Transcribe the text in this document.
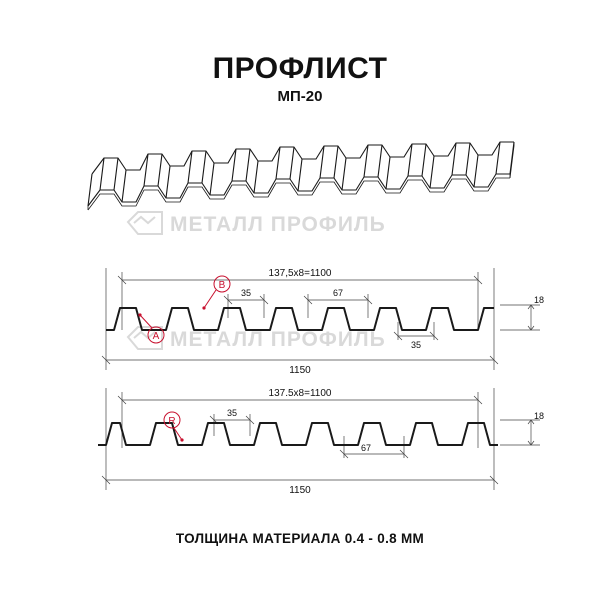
ПРОФЛИСТ
МП-20
ТОЛЩИНА МАТЕРИАЛА 0.4 - 0.8 ММ
МЕТАЛЛ ПРОФИЛЬ
МЕТАЛЛ ПРОФИЛЬ
137,5х8=1100
1150
18
35	67
35
B
A
137.5х8=1100
1150
18
35
67
R
